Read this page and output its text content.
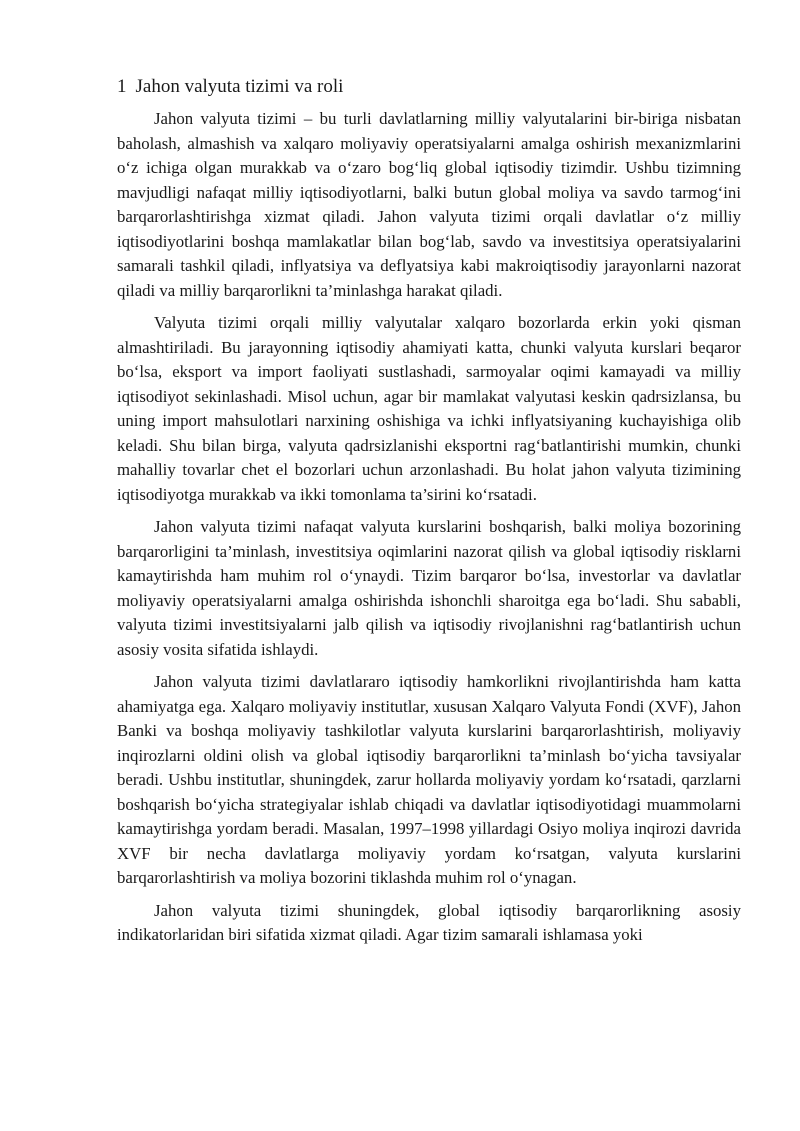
1 Jahon valyuta tizimi va roli

Jahon valyuta tizimi – bu turli davlatlarning milliy valyutalarini bir-biriga nisbatan baholash, almashish va xalqaro moliyaviy operatsiyalarni amalga oshirish mexanizmlarini o‘z ichiga olgan murakkab va o‘zaro bog‘liq global iqtisodiy tizimdir. Ushbu tizimning mavjudligi nafaqat milliy iqtisodiyotlarni, balki butun global moliya va savdo tarmog‘ini barqarorlashtirishga xizmat qiladi. Jahon valyuta tizimi orqali davlatlar o‘z milliy iqtisodiyotlarini boshqa mamlakatlar bilan bog‘lab, savdo va investitsiya operatsiyalarini samarali tashkil qiladi, inflyatsiya va deflyatsiya kabi makroiqtisodiy jarayonlarni nazorat qiladi va milliy barqarorlikni ta’minlashga harakat qiladi.

Valyuta tizimi orqali milliy valyutalar xalqaro bozorlarda erkin yoki qisman almashtiriladi. Bu jarayonning iqtisodiy ahamiyati katta, chunki valyuta kurslari beqaror bo‘lsa, eksport va import faoliyati sustlashadi, sarmoyalar oqimi kamayadi va milliy iqtisodiyot sekinlashadi. Misol uchun, agar bir mamlakat valyutasi keskin qadrsizlansa, bu uning import mahsulotlari narxining oshishiga va ichki inflyatsiyaning kuchayishiga olib keladi. Shu bilan birga, valyuta qadrsizlanishi eksportni rag‘batlantirishi mumkin, chunki mahalliy tovarlar chet el bozorlari uchun arzonlashadi. Bu holat jahon valyuta tizimining iqtisodiyotga murakkab va ikki tomonlama ta’sirini ko‘rsatadi.

Jahon valyuta tizimi nafaqat valyuta kurslarini boshqarish, balki moliya bozorining barqarorligini ta’minlash, investitsiya oqimlarini nazorat qilish va global iqtisodiy risklarni kamaytirishda ham muhim rol o‘ynaydi. Tizim barqaror bo‘lsa, investorlar va davlatlar moliyaviy operatsiyalarni amalga oshirishda ishonchli sharoitga ega bo‘ladi. Shu sababli, valyuta tizimi investitsiyalarni jalb qilish va iqtisodiy rivojlanishni rag‘batlantirish uchun asosiy vosita sifatida ishlaydi.

Jahon valyuta tizimi davlatlararo iqtisodiy hamkorlikni rivojlantirishda ham katta ahamiyatga ega. Xalqaro moliyaviy institutlar, xususan Xalqaro Valyuta Fondi (XVF), Jahon Banki va boshqa moliyaviy tashkilotlar valyuta kurslarini barqarorlashtirish, moliyaviy inqirozlarni oldini olish va global iqtisodiy barqarorlikni ta’minlash bo‘yicha tavsiyalar beradi. Ushbu institutlar, shuningdek, zarur hollarda moliyaviy yordam ko‘rsatadi, qarzlarni boshqarish bo‘yicha strategiyalar ishlab chiqadi va davlatlar iqtisodiyotidagi muammolarni kamaytirishga yordam beradi. Masalan, 1997–1998 yillardagi Osiyo moliya inqirozi davrida XVF bir necha davlatlarga moliyaviy yordam ko‘rsatgan, valyuta kurslarini barqarorlashtirish va moliya bozorini tiklashda muhim rol o‘ynagan.

Jahon valyuta tizimi shuningdek, global iqtisodiy barqarorlikning asosiy indikatorlaridan biri sifatida xizmat qiladi. Agar tizim samarali ishlamasa yoki
